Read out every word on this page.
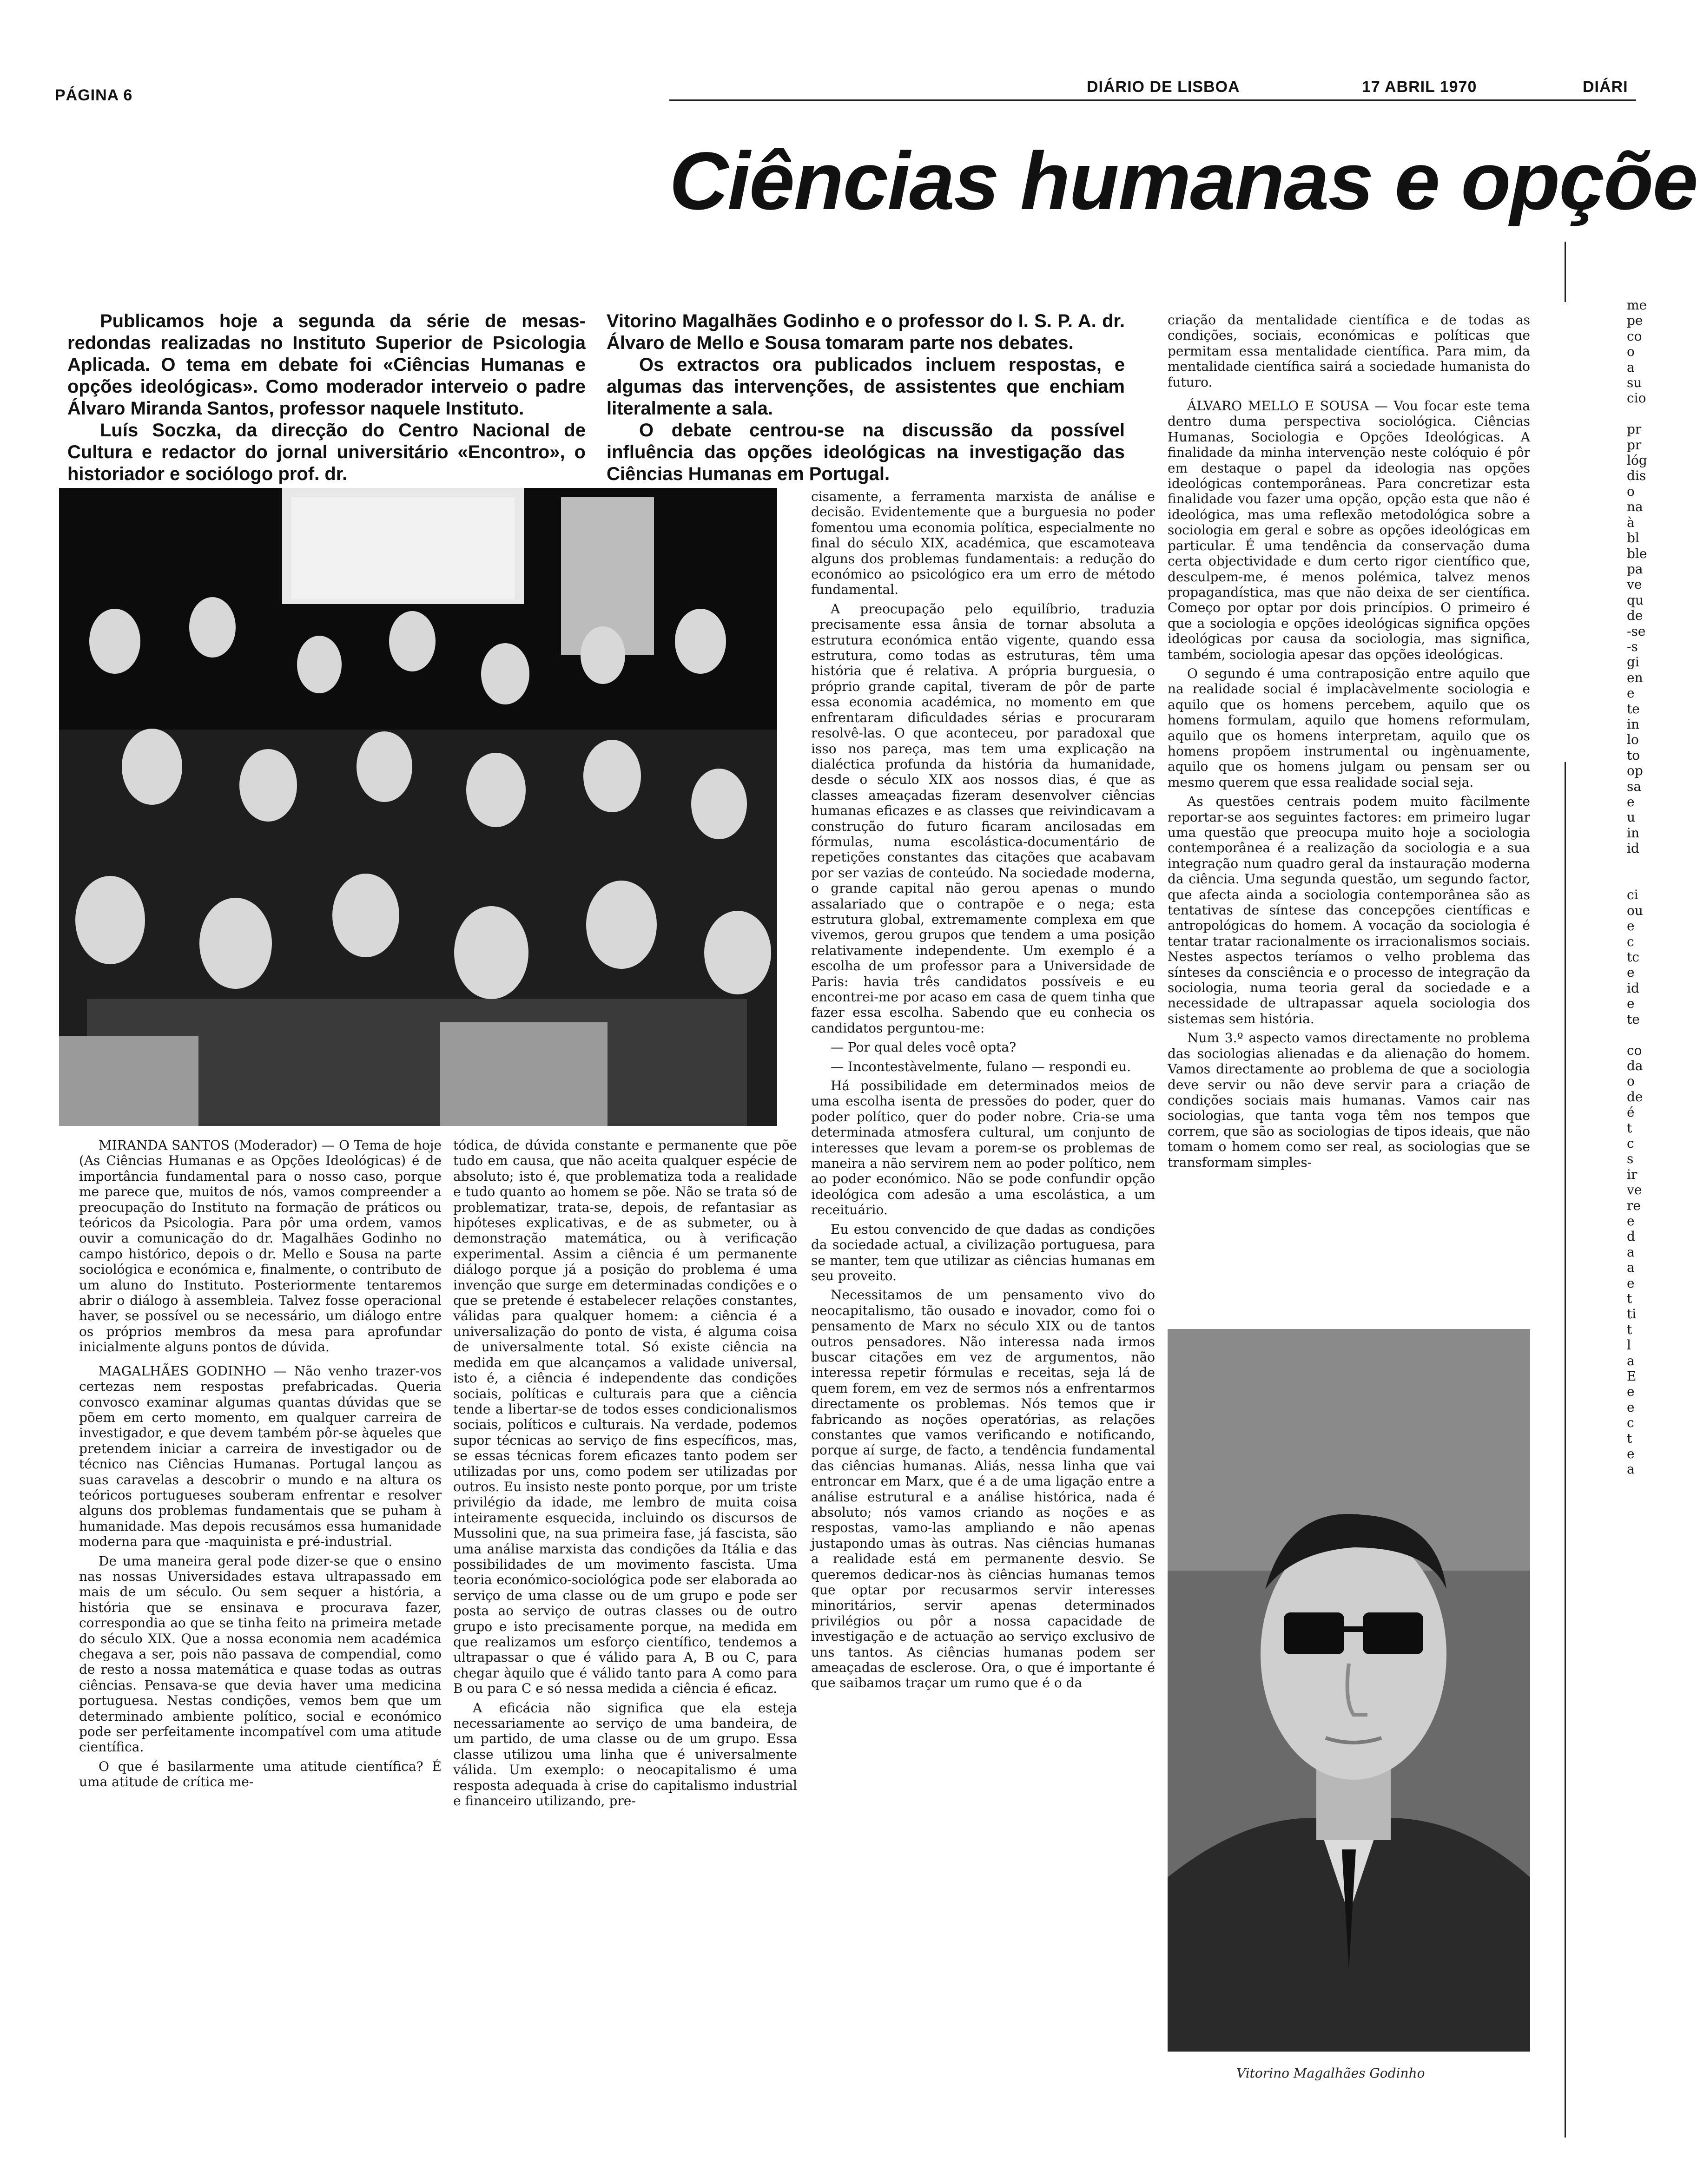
PÁGINA 6	DIÁRIO DE LISBOA	17 ABRIL 1970	DIÁRI
Ciências humanas e opçõe

Publicamos hoje a segunda da série de mesas-redondas realizadas no Instituto Superior de Psicologia Aplicada. O tema em debate foi «Ciências Humanas e opções ideológicas». Como moderador interveio o padre Álvaro Miranda Santos, professor naquele Instituto.

Luís Soczka, da direcção do Centro Nacional de Cultura e redactor do jornal universitário «Encontro», o historiador e sociólogo prof. dr.

Vitorino Magalhães Godinho e o professor do I. S. P. A. dr. Álvaro de Mello e Sousa tomaram parte nos debates.

Os extractos ora publicados incluem respostas, e algumas das intervenções, de assistentes que enchiam literalmente a sala.

O debate centrou-se na discussão da possível influência das opções ideológicas na investigação das Ciências Humanas em Portugal.

MIRANDA SANTOS (Moderador) — O Tema de hoje (As Ciências Humanas e as Opções Ideológicas) é de importância fundamental para o nosso caso, porque me parece que, muitos de nós, vamos compreender a preocupação do Instituto na formação de práticos ou teóricos da Psicologia. Para pôr uma ordem, vamos ouvir a comunicação do dr. Magalhães Godinho no campo histórico, depois o dr. Mello e Sousa na parte sociológica e económica e, finalmente, o contributo de um aluno do Instituto. Posteriormente tentaremos abrir o diálogo à assembleia. Talvez fosse operacional haver, se possível ou se necessário, um diálogo entre os próprios membros da mesa para aprofundar inicialmente alguns pontos de dúvida.

MAGALHÃES GODINHO — Não venho trazer-vos certezas nem respostas prefabricadas. Queria convosco examinar algumas quantas dúvidas que se põem em certo momento, em qualquer carreira de investigador, e que devem também pôr-se àqueles que pretendem iniciar a carreira de investigador ou de técnico nas Ciências Humanas. Portugal lançou as suas caravelas a descobrir o mundo e na altura os teóricos portugueses souberam enfrentar e resolver alguns dos problemas fundamentais que se puham à humanidade. Mas depois recusámos essa humanidade moderna para que -maquinista e pré-industrial.

De uma maneira geral pode dizer-se que o ensino nas nossas Universidades estava ultrapassado em mais de um século. Ou sem sequer a história, a história que se ensinava e procurava fazer, correspondia ao que se tinha feito na primeira metade do século XIX. Que a nossa economia nem académica chegava a ser, pois não passava de compendial, como de resto a nossa matemática e quase todas as outras ciências. Pensava-se que devia haver uma medicina portuguesa. Nestas condições, vemos bem que um determinado ambiente político, social e económico pode ser perfeitamente incompatível com uma atitude científica.

O que é basilarmente uma atitude científica? É uma atitude de crítica me-

tódica, de dúvida constante e permanente que põe tudo em causa, que não aceita qualquer espécie de absoluto; isto é, que problematiza toda a realidade e tudo quanto ao homem se põe. Não se trata só de problematizar, trata-se, depois, de refantasiar as hipóteses explicativas, e de as submeter, ou à demonstração matemática, ou à verificação experimental. Assim a ciência é um permanente diálogo porque já a posição do problema é uma invenção que surge em determinadas condições e o que se pretende é estabelecer relações constantes, válidas para qualquer homem: a ciência é a universalização do ponto de vista, é alguma coisa de universalmente total. Só existe ciência na medida em que alcançamos a validade universal, isto é, a ciência é independente das condições sociais, políticas e culturais para que a ciência tende a libertar-se de todos esses condicionalismos sociais, políticos e culturais. Na verdade, podemos supor técnicas ao serviço de fins específicos, mas, se essas técnicas forem eficazes tanto podem ser utilizadas por uns, como podem ser utilizadas por outros. Eu insisto neste ponto porque, por um triste privilégio da idade, me lembro de muita coisa inteiramente esquecida, incluindo os discursos de Mussolini que, na sua primeira fase, já fascista, são uma análise marxista das condições da Itália e das possibilidades de um movimento fascista. Uma teoria económico-sociológica pode ser elaborada ao serviço de uma classe ou de um grupo e pode ser posta ao serviço de outras classes ou de outro grupo e isto precisamente porque, na medida em que realizamos um esforço científico, tendemos a ultrapassar o que é válido para A, B ou C, para chegar àquilo que é válido tanto para A como para B ou para C e só nessa medida a ciência é eficaz.

A eficácia não significa que ela esteja necessariamente ao serviço de uma bandeira, de um partido, de uma classe ou de um grupo. Essa classe utilizou uma linha que é universalmente válida. Um exemplo: o neocapitalismo é uma resposta adequada à crise do capitalismo industrial e financeiro utilizando, pre-

cisamente, a ferramenta marxista de análise e decisão. Evidentemente que a burguesia no poder fomentou uma economia política, especialmente no final do século XIX, académica, que escamoteava alguns dos problemas fundamentais: a redução do económico ao psicológico era um erro de método fundamental.

A preocupação pelo equilíbrio, traduzia precisamente essa ânsia de tornar absoluta a estrutura económica então vigente, quando essa estrutura, como todas as estruturas, têm uma história que é relativa. A própria burguesia, o próprio grande capital, tiveram de pôr de parte essa economia académica, no momento em que enfrentaram dificuldades sérias e procuraram resolvê-las. O que aconteceu, por paradoxal que isso nos pareça, mas tem uma explicação na dialéctica profunda da história da humanidade, desde o século XIX aos nossos dias, é que as classes ameaçadas fizeram desenvolver ciências humanas eficazes e as classes que reivindicavam a construção do futuro ficaram ancilosadas em fórmulas, numa escolástica-documentário de repetições constantes das citações que acabavam por ser vazias de conteúdo. Na sociedade moderna, o grande capital não gerou apenas o mundo assalariado que o contrapõe e o nega; esta estrutura global, extremamente complexa em que vivemos, gerou grupos que tendem a uma posição relativamente independente. Um exemplo é a escolha de um professor para a Universidade de Paris: havia três candidatos possíveis e eu encontrei-me por acaso em casa de quem tinha que fazer essa escolha. Sabendo que eu conhecia os candidatos perguntou-me:

— Por qual deles você opta?

— Incontestàvelmente, fulano — respondi eu.

Há possibilidade em determinados meios de uma escolha isenta de pressões do poder, quer do poder político, quer do poder nobre. Cria-se uma determinada atmosfera cultural, um conjunto de interesses que levam a porem-se os problemas de maneira a não servirem nem ao poder político, nem ao poder económico. Não se pode confundir opção ideológica com adesão a uma escolástica, a um receituário.

Eu estou convencido de que dadas as condições da sociedade actual, a civilização portuguesa, para se manter, tem que utilizar as ciências humanas em seu proveito.

Necessitamos de um pensamento vivo do neocapitalismo, tão ousado e inovador, como foi o pensamento de Marx no século XIX ou de tantos outros pensadores. Não interessa nada irmos buscar citações em vez de argumentos, não interessa repetir fórmulas e receitas, seja lá de quem forem, em vez de sermos nós a enfrentarmos directamente os problemas. Nós temos que ir fabricando as noções operatórias, as relações constantes que vamos verificando e notificando, porque aí surge, de facto, a tendência fundamental das ciências humanas. Aliás, nessa linha que vai entroncar em Marx, que é a de uma ligação entre a análise estrutural e a análise histórica, nada é absoluto; nós vamos criando as noções e as respostas, vamo-las ampliando e não apenas justapondo umas às outras. Nas ciências humanas a realidade está em permanente desvio. Se queremos dedicar-nos às ciências humanas temos que optar por recusarmos servir interesses minoritários, servir apenas determinados privilégios ou pôr a nossa capacidade de investigação e de actuação ao serviço exclusivo de uns tantos. As ciências humanas podem ser ameaçadas de esclerose. Ora, o que é importante é que saibamos traçar um rumo que é o da

criação da mentalidade científica e de todas as condições, sociais, económicas e políticas que permitam essa mentalidade científica. Para mim, da mentalidade científica sairá a sociedade humanista do futuro.

ÁLVARO MELLO E SOUSA — Vou focar este tema dentro duma perspectiva sociológica. Ciências Humanas, Sociologia e Opções Ideológicas. A finalidade da minha intervenção neste colóquio é pôr em destaque o papel da ideologia nas opções ideológicas contemporâneas. Para concretizar esta finalidade vou fazer uma opção, opção esta que não é ideológica, mas uma reflexão metodológica sobre a sociologia em geral e sobre as opções ideológicas em particular. É uma tendência da conservação duma certa objectividade e dum certo rigor científico que, desculpem-me, é menos polémica, talvez menos propagandística, mas que não deixa de ser científica. Começo por optar por dois princípios. O primeiro é que a sociologia e opções ideológicas significa opções ideológicas por causa da sociologia, mas significa, também, sociologia apesar das opções ideológicas.

O segundo é uma contraposição entre aquilo que na realidade social é implacàvelmente sociologia e aquilo que os homens percebem, aquilo que os homens formulam, aquilo que homens reformulam, aquilo que os homens interpretam, aquilo que os homens propõem instrumental ou ingènuamente, aquilo que os homens julgam ou pensam ser ou mesmo querem que essa realidade social seja.

As questões centrais podem muito fàcilmente reportar-se aos seguintes factores: em primeiro lugar uma questão que preocupa muito hoje a sociologia contemporânea é a realização da sociologia e a sua integração num quadro geral da instauração moderna da ciência. Uma segunda questão, um segundo factor, que afecta ainda a sociologia contemporânea são as tentativas de síntese das concepções científicas e antropológicas do homem. A vocação da sociologia é tentar tratar racionalmente os irracionalismos sociais. Nestes aspectos teríamos o velho problema das sínteses da consciência e o processo de integração da sociologia, numa teoria geral da sociedade e a necessidade de ultrapassar aquela sociologia dos sistemas sem história.

Num 3.º aspecto vamos directamente no problema das sociologias alienadas e da alienação do homem. Vamos directamente ao problema de que a sociologia deve servir ou não deve servir para a criação de condições sociais mais humanas. Vamos cair nas sociologias, que tanta voga têm nos tempos que correm, que são as sociologias de tipos ideais, que não tomam o homem como ser real, as sociologias que se transformam simples-

Vitorino Magalhães Godinho
me
pe
co
o
a
su
cio

pr
pr
lóg
dis
o
na
à
bl
ble
pa
ve
qu
de
-se
-s
gi
en
e
te
in
lo
to
op
sa
e
u
in
id

ci
ou
e
c
tc
e
id
e
te

co
da
o
de
é
t
c
s
ir
ve
re
e
d
a
a
e
t
ti
t
l
a
E
e
e
c
t
e
a
